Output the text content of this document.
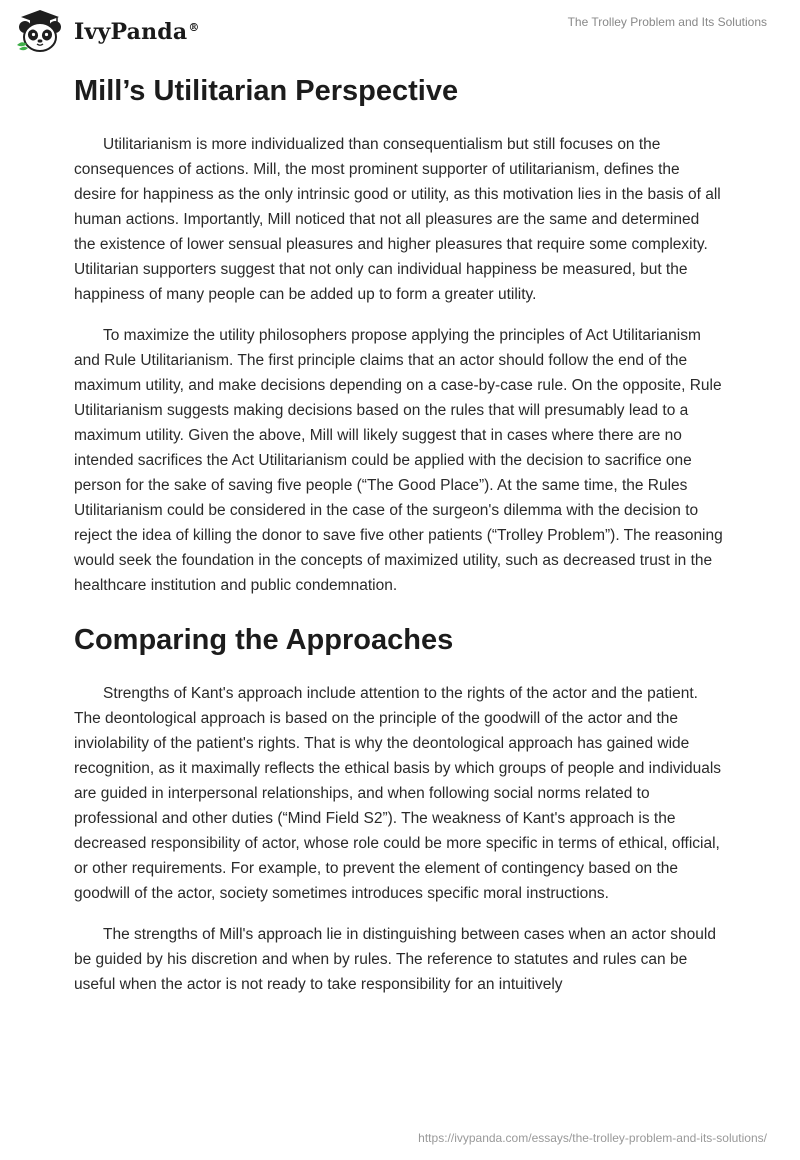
IvyPanda®	The Trolley Problem and Its Solutions
Mill’s Utilitarian Perspective

Utilitarianism is more individualized than consequentialism but still focuses on the consequences of actions. Mill, the most prominent supporter of utilitarianism, defines the desire for happiness as the only intrinsic good or utility, as this motivation lies in the basis of all human actions. Importantly, Mill noticed that not all pleasures are the same and determined the existence of lower sensual pleasures and higher pleasures that require some complexity. Utilitarian supporters suggest that not only can individual happiness be measured, but the happiness of many people can be added up to form a greater utility.

To maximize the utility philosophers propose applying the principles of Act Utilitarianism and Rule Utilitarianism. The first principle claims that an actor should follow the end of the maximum utility, and make decisions depending on a case-by-case rule. On the opposite, Rule Utilitarianism suggests making decisions based on the rules that will presumably lead to a maximum utility. Given the above, Mill will likely suggest that in cases where there are no intended sacrifices the Act Utilitarianism could be applied with the decision to sacrifice one person for the sake of saving five people (“The Good Place”). At the same time, the Rules Utilitarianism could be considered in the case of the surgeon's dilemma with the decision to reject the idea of killing the donor to save five other patients (“Trolley Problem”). The reasoning would seek the foundation in the concepts of maximized utility, such as decreased trust in the healthcare institution and public condemnation.

Comparing the Approaches

Strengths of Kant's approach include attention to the rights of the actor and the patient. The deontological approach is based on the principle of the goodwill of the actor and the inviolability of the patient's rights. That is why the deontological approach has gained wide recognition, as it maximally reflects the ethical basis by which groups of people and individuals are guided in interpersonal relationships, and when following social norms related to professional and other duties (“Mind Field S2”). The weakness of Kant's approach is the decreased responsibility of actor, whose role could be more specific in terms of ethical, official, or other requirements. For example, to prevent the element of contingency based on the goodwill of the actor, society sometimes introduces specific moral instructions.

The strengths of Mill's approach lie in distinguishing between cases when an actor should be guided by his discretion and when by rules. The reference to statutes and rules can be useful when the actor is not ready to take responsibility for an intuitively

https://ivypanda.com/essays/the-trolley-problem-and-its-solutions/
